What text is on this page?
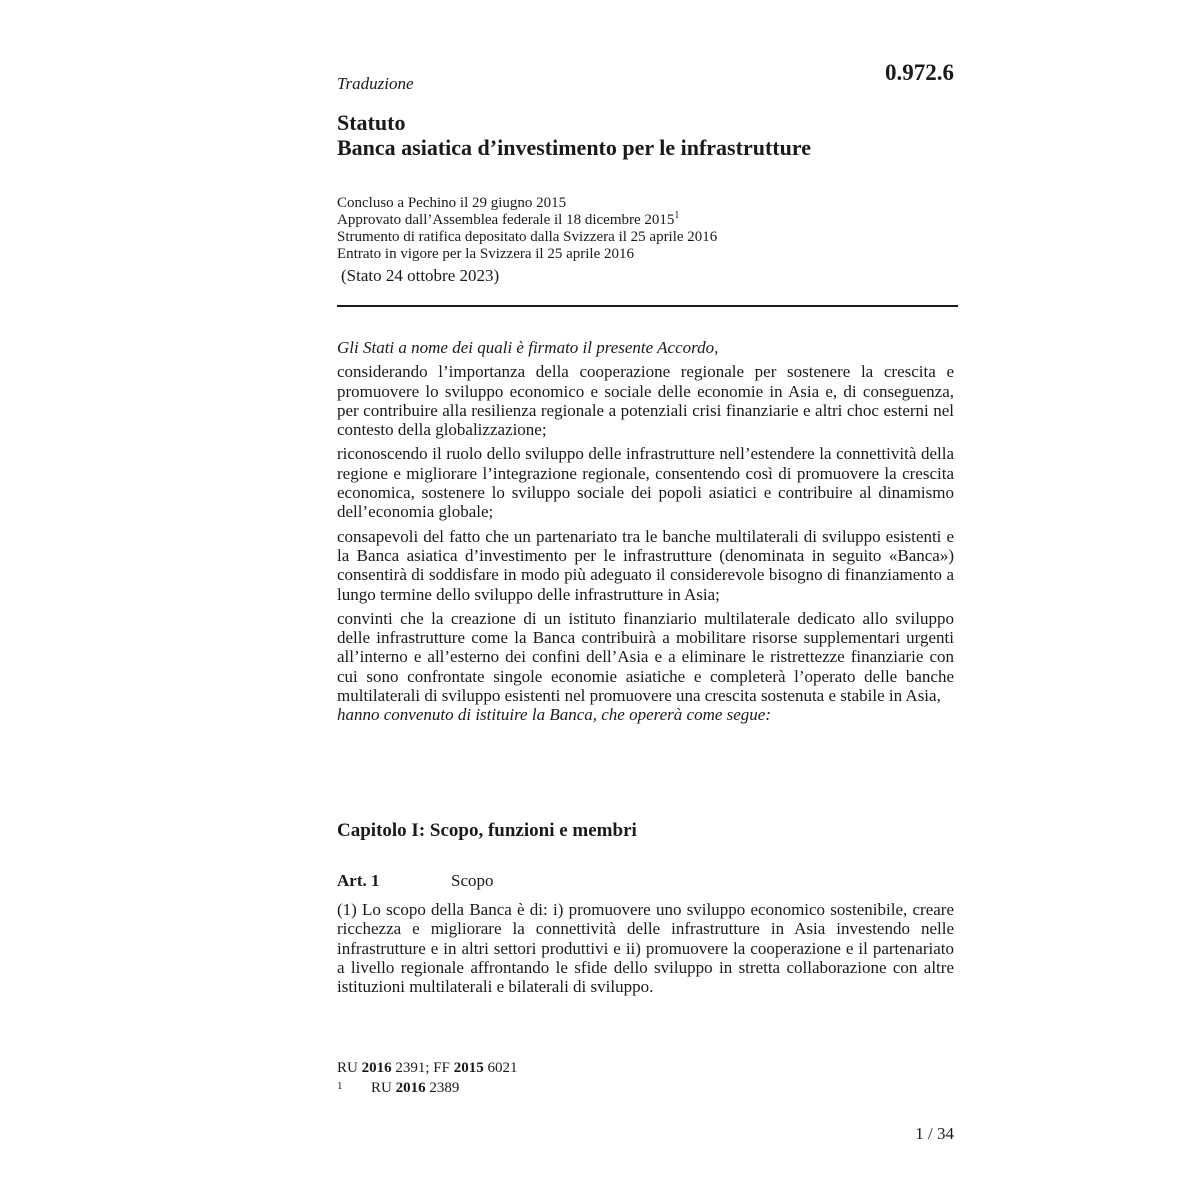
Traduzione	0.972.6
Statuto
Banca asiatica d’investimento per le infrastrutture
Concluso a Pechino il 29 giugno 2015
Approvato dall’Assemblea federale il 18 dicembre 2015$^1$
Strumento di ratifica depositato dalla Svizzera il 25 aprile 2016
Entrato in vigore per la Svizzera il 25 aprile 2016
(Stato 24 ottobre 2023)

Gli Stati a nome dei quali è firmato il presente Accordo,

considerando l’importanza della cooperazione regionale per sostenere la crescita e promuovere lo sviluppo economico e sociale delle economie in Asia e, di conseguenza, per contribuire alla resilienza regionale a potenziali crisi finanziarie e altri choc esterni nel contesto della globalizzazione;

riconoscendo il ruolo dello sviluppo delle infrastrutture nell’estendere la connettività della regione e migliorare l’integrazione regionale, consentendo così di promuovere la crescita economica, sostenere lo sviluppo sociale dei popoli asiatici e contribuire al dinamismo dell’economia globale;

consapevoli del fatto che un partenariato tra le banche multilaterali di sviluppo esistenti e la Banca asiatica d’investimento per le infrastrutture (denominata in seguito «Banca») consentirà di soddisfare in modo più adeguato il considerevole bisogno di finanziamento a lungo termine dello sviluppo delle infrastrutture in Asia;

convinti che la creazione di un istituto finanziario multilaterale dedicato allo sviluppo delle infrastrutture come la Banca contribuirà a mobilitare risorse supplementari urgenti all’interno e all’esterno dei confini dell’Asia e a eliminare le ristrettezze finanziarie con cui sono confrontate singole economie asiatiche e completerà l’operato delle banche multilaterali di sviluppo esistenti nel promuovere una crescita sostenuta e stabile in Asia,

hanno convenuto di istituire la Banca, che opererà come segue:

Capitolo I: Scopo, funzioni e membri
Art. 1	Scopo
(1) Lo scopo della Banca è di: i) promuovere uno sviluppo economico sostenibile, creare ricchezza e migliorare la connettività delle infrastrutture in Asia investendo nelle infrastrutture e in altri settori produttivi e ii) promuovere la cooperazione e il partenariato a livello regionale affrontando le sfide dello sviluppo in stretta collaborazione con altre istituzioni multilaterali e bilaterali di sviluppo.
RU 2016 2391; FF 2015 6021
1 RU 2016 2389
1 / 34
